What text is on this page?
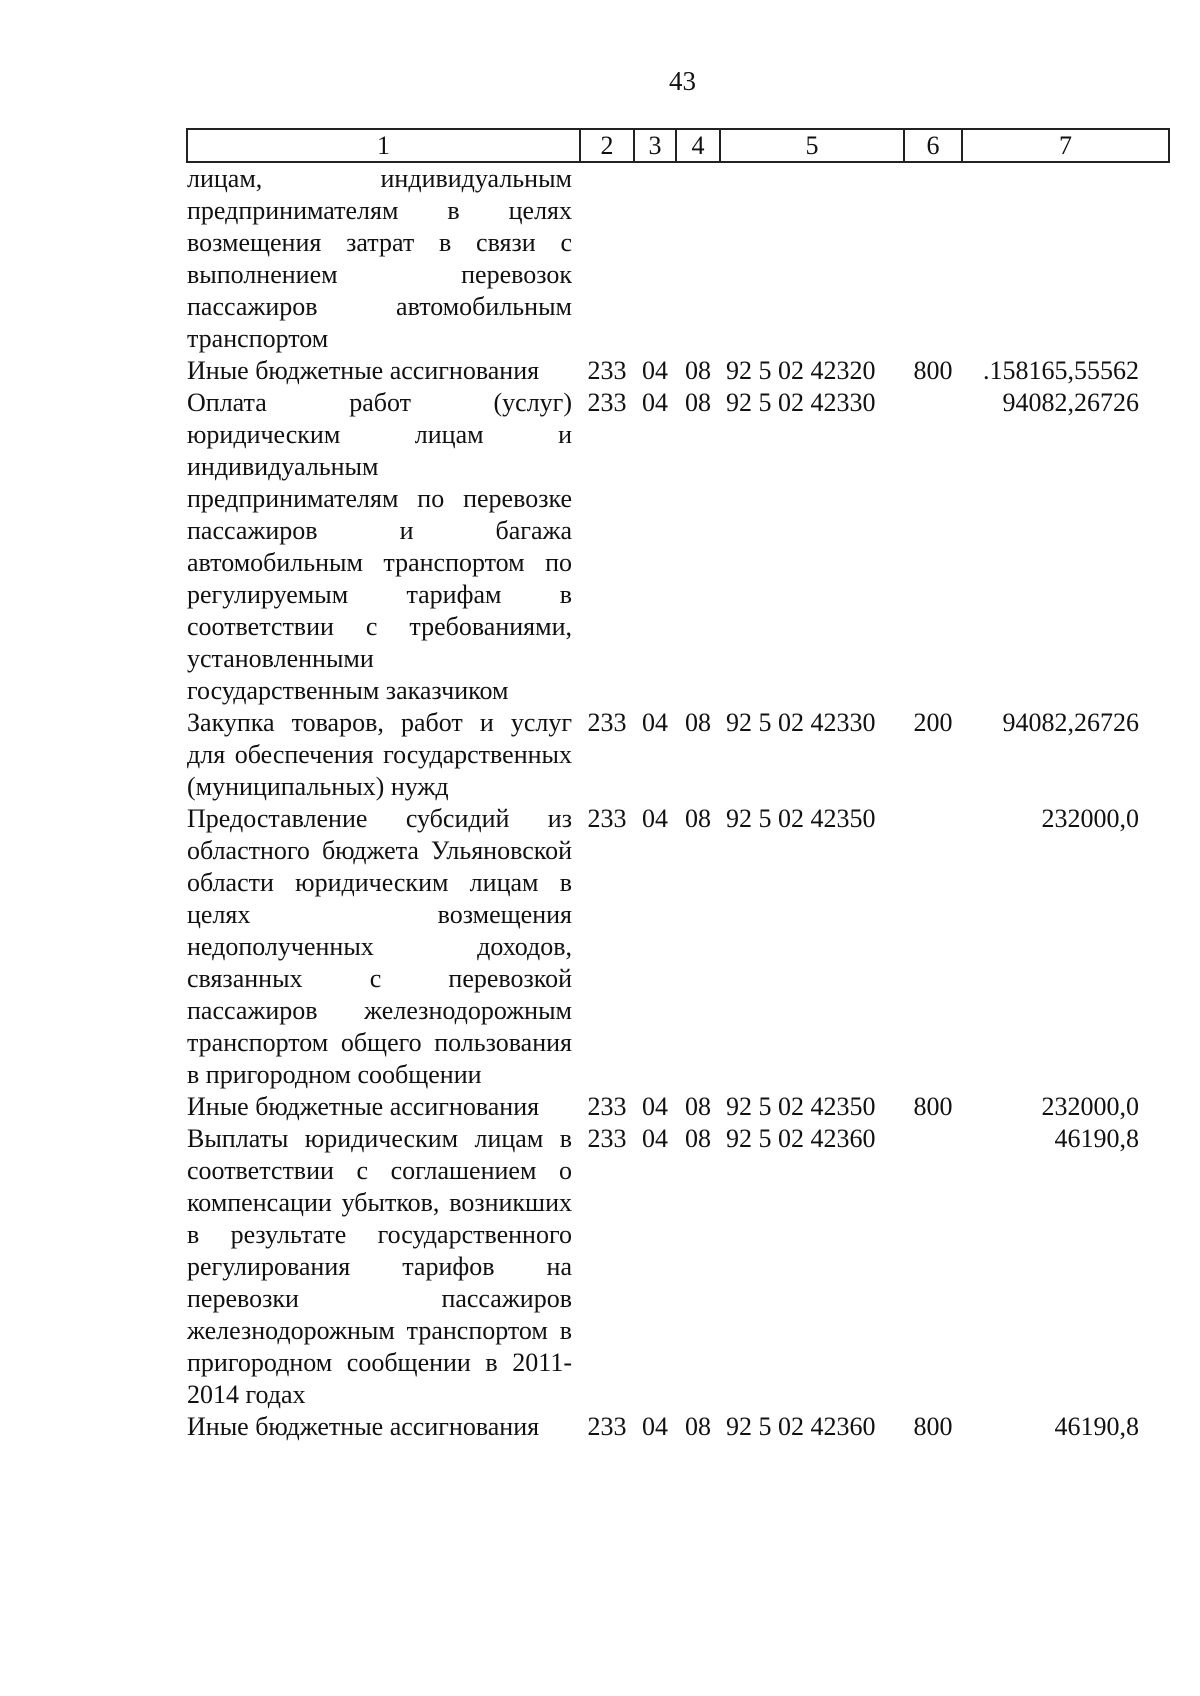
43
1	2	3	4	5	6	7
лицам, индивидуальным предпринимателям в целях возмещения затрат в связи с выполнением перевозок пассажиров автомобильным транспортом						
Иные бюджетные ассигнования	233	04	08	92 5 02 42320	800	.158165,55562
Оплата работ (услуг) юридическим лицам и индивидуальным предпринимателям по перевозке пассажиров и багажа автомобильным транспортом по регулируемым тарифам в соответствии с требованиями, установленными государственным заказчиком	233	04	08	92 5 02 42330		94082,26726
Закупка товаров, работ и услуг для обеспечения государственных (муниципальных) нужд	233	04	08	92 5 02 42330	200	94082,26726
Предоставление субсидий из областного бюджета Ульяновской области юридическим лицам в целях возмещения недополученных доходов, связанных с перевозкой пассажиров железнодорожным транспортом общего пользования в пригородном сообщении	233	04	08	92 5 02 42350		232000,0
Иные бюджетные ассигнования	233	04	08	92 5 02 42350	800	232000,0
Выплаты юридическим лицам в соответствии с соглашением о компенсации убытков, возникших в результате государственного регулирования тарифов на перевозки пассажиров железнодорожным транспортом в пригородном сообщении в 2011-2014 годах	233	04	08	92 5 02 42360		46190,8
Иные бюджетные ассигнования	233	04	08	92 5 02 42360	800	46190,8
